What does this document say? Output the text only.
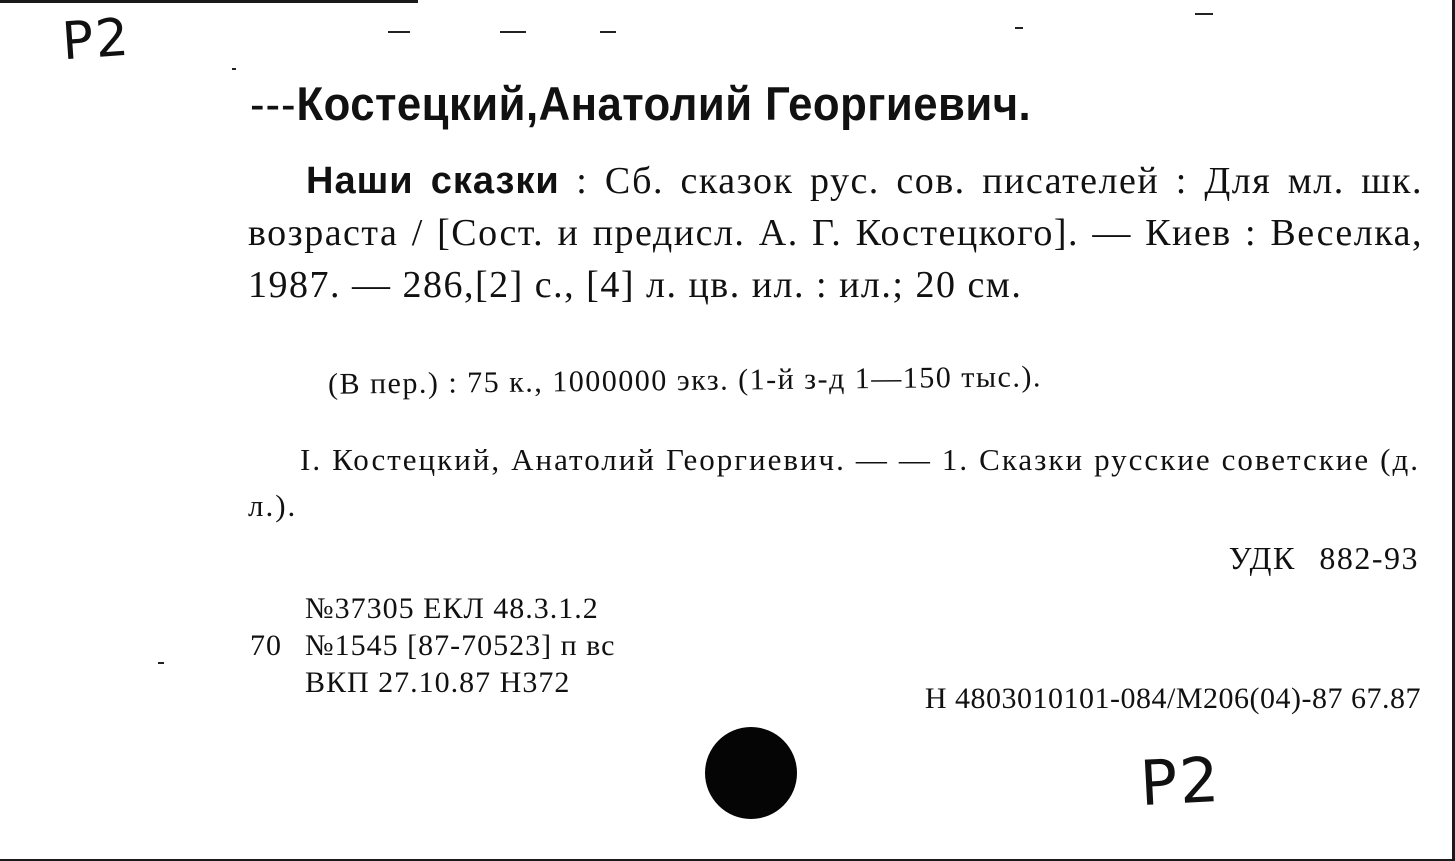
Р2
---Костецкий,Анатолий Георгиевич.
Наши сказки : Сб. сказок рус. сов. писателей : Для мл. шк. возраста / [Сост. и предисл. А. Г. Костецкого]. — Киев : Веселка, 1987. — 286,[2] с., [4] л. цв. ил. : ил.; 20 см.
(В пер.) : 75 к., 1000000 экз. (1-й з-д 1—150 тыс.).
I. Костецкий, Анатолий Георгиевич. — — 1. Сказки русские советские (д. л.).
УДК 882-93
№37305 ЕКЛ 48.3.1.2
70 №1545 [87-70523] п вс
ВКП 27.10.87 Н372	Н 4803010101-084/М206(04)-87 67.87
Р2
